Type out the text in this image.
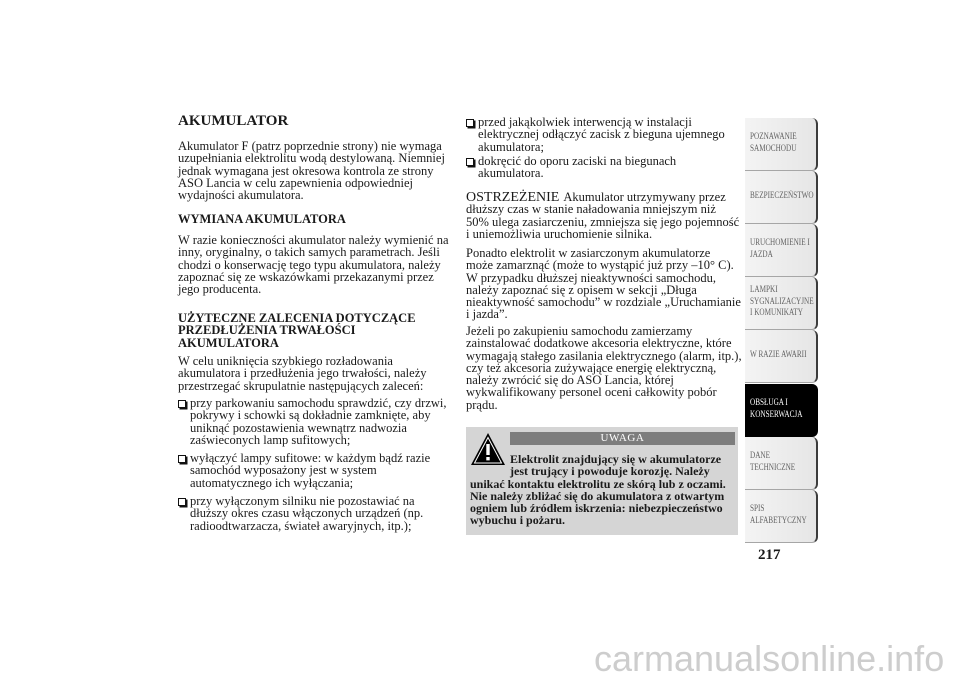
AKUMULATOR
Akumulator F (patrz poprzednie strony) nie wymaga
uzupełniania elektrolitu wodą destylowaną. Niemniej
jednak wymagana jest okresowa kontrola ze strony
ASO Lancia w celu zapewnienia odpowiedniej
wydajności akumulatora.
WYMIANA AKUMULATORA
W razie konieczności akumulator należy wymienić na
inny, oryginalny, o takich samych parametrach. Jeśli
chodzi o konserwację tego typu akumulatora, należy
zapoznać się ze wskazówkami przekazanymi przez
jego producenta.
UŻYTECZNE ZALECENIA DOTYCZĄCE
PRZEDŁUŻENIA TRWAŁOŚCI
AKUMULATORA
W celu uniknięcia szybkiego rozładowania
akumulatora i przedłużenia jego trwałości, należy
przestrzegać skrupulatnie następujących zaleceń:
przy parkowaniu samochodu sprawdzić, czy drzwi,
pokrywy i schowki są dokładnie zamknięte, aby
uniknąć pozostawienia wewnątrz nadwozia
zaświeconych lamp sufitowych;
wyłączyć lampy sufitowe: w każdym bądź razie
samochód wyposażony jest w system
automatycznego ich wyłączania;
przy wyłączonym silniku nie pozostawiać na
dłuższy okres czasu włączonych urządzeń (np.
radioodtwarzacza, świateł awaryjnych, itp.);
przed jakąkolwiek interwencją w instalacji
elektrycznej odłączyć zacisk z bieguna ujemnego
akumulatora;
dokręcić do oporu zaciski na biegunach
akumulatora.
OSTRZEŻENIE Akumulator utrzymywany przez
dłuższy czas w stanie naładowania mniejszym niż
50% ulega zasiarczeniu, zmniejsza się jego pojemność
i uniemożliwia uruchomienie silnika.
Ponadto elektrolit w zasiarczonym akumulatorze
może zamarznąć (może to wystąpić już przy –10° C).
W przypadku dłuższej nieaktywności samochodu,
należy zapoznać się z opisem w sekcji „Długa
nieaktywność samochodu” w rozdziale „Uruchamianie
i jazda”.
Jeżeli po zakupieniu samochodu zamierzamy
zainstalować dodatkowe akcesoria elektryczne, które
wymagają stałego zasilania elektrycznego (alarm, itp.),
czy też akcesoria zużywające energię elektryczną,
należy zwrócić się do ASO Lancia, której
wykwalifikowany personel oceni całkowity pobór
prądu.
UWAGA
Elektrolit znajdujący się w akumulatorze
jest trujący i powoduje korozję. Należy
unikać kontaktu elektrolitu ze skórą lub z oczami.
Nie należy zbliżać się do akumulatora z otwartym
ogniem lub źródłem iskrzenia: niebezpieczeństwo
wybuchu i pożaru.
POZNAWANIE
SAMOCHODU
BEZPIECZEŃSTWO
URUCHOMIENIE I
JAZDA
LAMPKI
SYGNALIZACYJNE
I KOMUNIKATY
W RAZIE AWARII
OBSŁUGA I
KONSERWACJA
DANE
TECHNICZNE
SPIS
ALFABETYCZNY
217
carmanualsonline.info
